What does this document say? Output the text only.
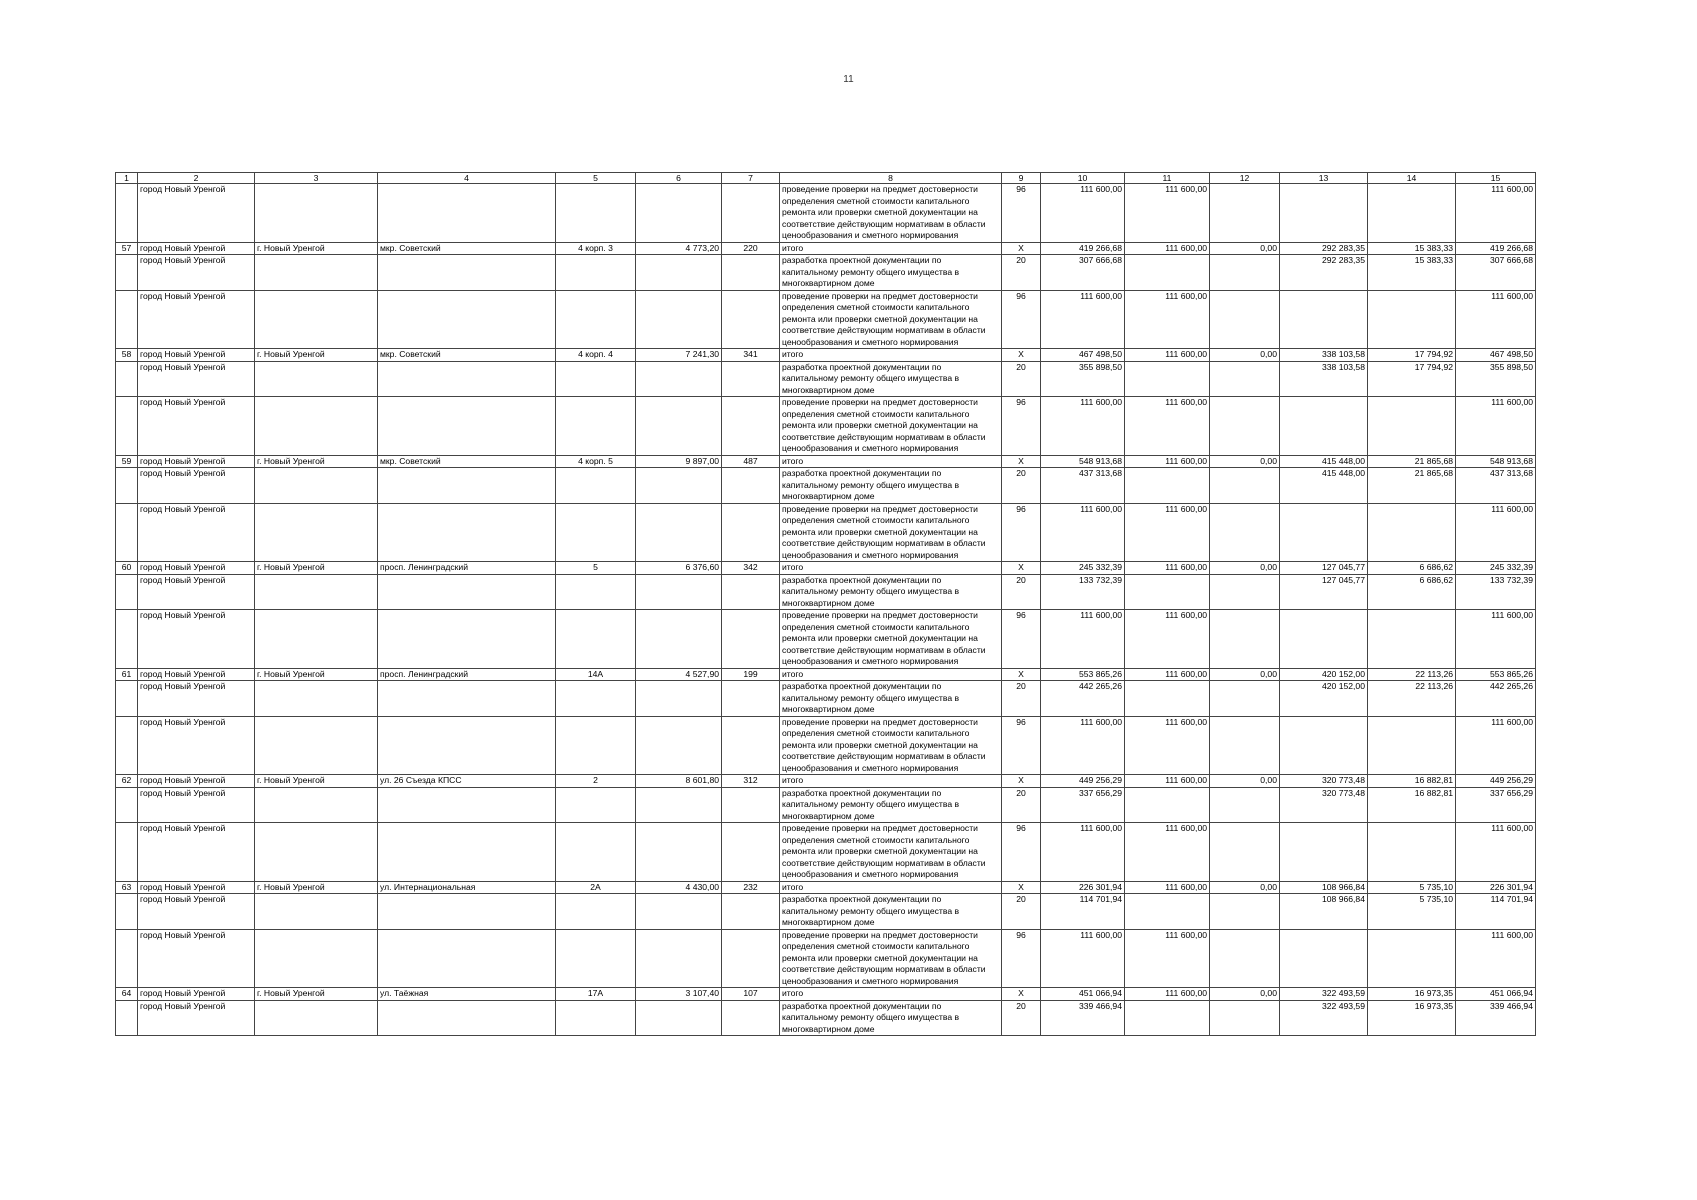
11
1	2	3	4	5	6	7	8	9	10	11	12	13	14	15
	город Новый Уренгой						проведение проверки на предмет достоверности определения сметной стоимости капитального ремонта или проверки сметной документации на соответствие действующим нормативам в области ценообразования и сметного нормирования	96	111 600,00	111 600,00				111 600,00
57	город Новый Уренгой	г. Новый Уренгой	мкр. Советский	4 корп. 3	4 773,20	220	итого	X	419 266,68	111 600,00	0,00	292 283,35	15 383,33	419 266,68
	город Новый Уренгой						разработка проектной документации по капитальному ремонту общего имущества в многоквартирном доме	20	307 666,68			292 283,35	15 383,33	307 666,68
	город Новый Уренгой						проведение проверки на предмет достоверности определения сметной стоимости капитального ремонта или проверки сметной документации на соответствие действующим нормативам в области ценообразования и сметного нормирования	96	111 600,00	111 600,00				111 600,00
58	город Новый Уренгой	г. Новый Уренгой	мкр. Советский	4 корп. 4	7 241,30	341	итого	X	467 498,50	111 600,00	0,00	338 103,58	17 794,92	467 498,50
	город Новый Уренгой						разработка проектной документации по капитальному ремонту общего имущества в многоквартирном доме	20	355 898,50			338 103,58	17 794,92	355 898,50
	город Новый Уренгой						проведение проверки на предмет достоверности определения сметной стоимости капитального ремонта или проверки сметной документации на соответствие действующим нормативам в области ценообразования и сметного нормирования	96	111 600,00	111 600,00				111 600,00
59	город Новый Уренгой	г. Новый Уренгой	мкр. Советский	4 корп. 5	9 897,00	487	итого	X	548 913,68	111 600,00	0,00	415 448,00	21 865,68	548 913,68
	город Новый Уренгой						разработка проектной документации по капитальному ремонту общего имущества в многоквартирном доме	20	437 313,68			415 448,00	21 865,68	437 313,68
	город Новый Уренгой						проведение проверки на предмет достоверности определения сметной стоимости капитального ремонта или проверки сметной документации на соответствие действующим нормативам в области ценообразования и сметного нормирования	96	111 600,00	111 600,00				111 600,00
60	город Новый Уренгой	г. Новый Уренгой	просп. Ленинградский	5	6 376,60	342	итого	X	245 332,39	111 600,00	0,00	127 045,77	6 686,62	245 332,39
	город Новый Уренгой						разработка проектной документации по капитальному ремонту общего имущества в многоквартирном доме	20	133 732,39			127 045,77	6 686,62	133 732,39
	город Новый Уренгой						проведение проверки на предмет достоверности определения сметной стоимости капитального ремонта или проверки сметной документации на соответствие действующим нормативам в области ценообразования и сметного нормирования	96	111 600,00	111 600,00				111 600,00
61	город Новый Уренгой	г. Новый Уренгой	просп. Ленинградский	14А	4 527,90	199	итого	X	553 865,26	111 600,00	0,00	420 152,00	22 113,26	553 865,26
	город Новый Уренгой						разработка проектной документации по капитальному ремонту общего имущества в многоквартирном доме	20	442 265,26			420 152,00	22 113,26	442 265,26
	город Новый Уренгой						проведение проверки на предмет достоверности определения сметной стоимости капитального ремонта или проверки сметной документации на соответствие действующим нормативам в области ценообразования и сметного нормирования	96	111 600,00	111 600,00				111 600,00
62	город Новый Уренгой	г. Новый Уренгой	ул. 26 Съезда КПСС	2	8 601,80	312	итого	X	449 256,29	111 600,00	0,00	320 773,48	16 882,81	449 256,29
	город Новый Уренгой						разработка проектной документации по капитальному ремонту общего имущества в многоквартирном доме	20	337 656,29			320 773,48	16 882,81	337 656,29
	город Новый Уренгой						проведение проверки на предмет достоверности определения сметной стоимости капитального ремонта или проверки сметной документации на соответствие действующим нормативам в области ценообразования и сметного нормирования	96	111 600,00	111 600,00				111 600,00
63	город Новый Уренгой	г. Новый Уренгой	ул. Интернациональная	2А	4 430,00	232	итого	X	226 301,94	111 600,00	0,00	108 966,84	5 735,10	226 301,94
	город Новый Уренгой						разработка проектной документации по капитальному ремонту общего имущества в многоквартирном доме	20	114 701,94			108 966,84	5 735,10	114 701,94
	город Новый Уренгой						проведение проверки на предмет достоверности определения сметной стоимости капитального ремонта или проверки сметной документации на соответствие действующим нормативам в области ценообразования и сметного нормирования	96	111 600,00	111 600,00				111 600,00
64	город Новый Уренгой	г. Новый Уренгой	ул. Таёжная	17А	3 107,40	107	итого	X	451 066,94	111 600,00	0,00	322 493,59	16 973,35	451 066,94
	город Новый Уренгой						разработка проектной документации по капитальному ремонту общего имущества в многоквартирном доме	20	339 466,94			322 493,59	16 973,35	339 466,94
